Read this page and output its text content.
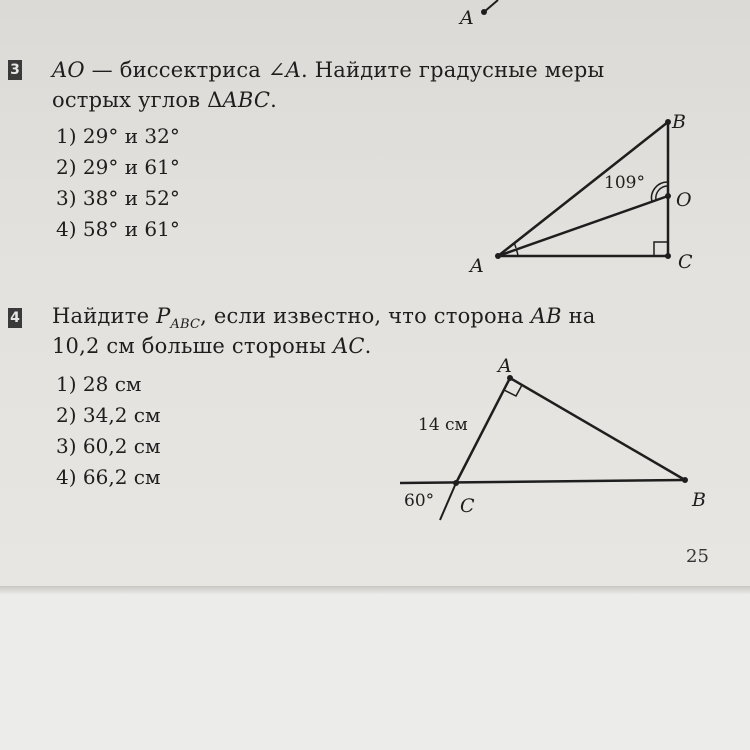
A
3 AO — биссектриса ∠A. Найдите градусные меры
острых углов ΔABC.
1) 29° и 32°
2) 29° и 61°
3) 38° и 52°
4) 58° и 61°
A
B
C
O
109°
4 Найдите $P_{ABC}$, если известно, что сторона AB на
10,2 см больше стороны AC.
1) 28 см
2) 34,2 см
3) 60,2 см
4) 66,2 см
A
B
C
14 см
60°
25
